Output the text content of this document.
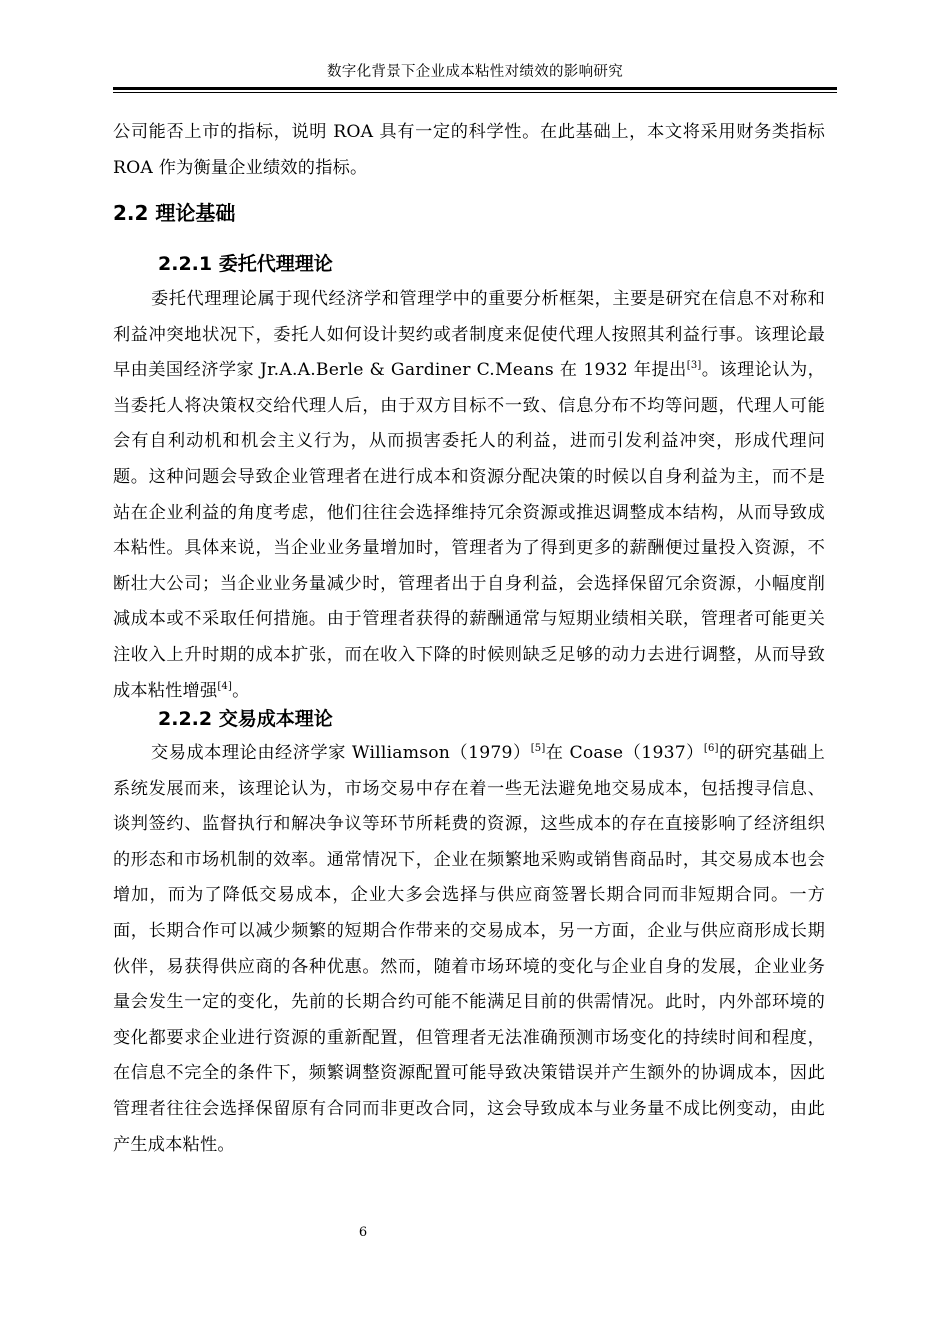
数字化背景下企业成本粘性对绩效的影响研究

公司能否上市的指标，说明 ROA 具有一定的科学性。在此基础上，本文将采用财务类指标 ROA 作为衡量企业绩效的指标。

2.2 理论基础
2.2.1 委托代理理论

委托代理理论属于现代经济学和管理学中的重要分析框架，主要是研究在信息不对称和利益冲突地状况下，委托人如何设计契约或者制度来促使代理人按照其利益行事。该理论最早由美国经济学家 Jr.A.A.Berle & Gardiner C.Means 在 1932 年提出[3]。该理论认为，当委托人将决策权交给代理人后，由于双方目标不一致、信息分布不均等问题，代理人可能会有自利动机和机会主义行为，从而损害委托人的利益，进而引发利益冲突，形成代理问题。这种问题会导致企业管理者在进行成本和资源分配决策的时候以自身利益为主，而不是站在企业利益的角度考虑，他们往往会选择维持冗余资源或推迟调整成本结构，从而导致成本粘性。具体来说，当企业业务量增加时，管理者为了得到更多的薪酬便过量投入资源，不断壮大公司；当企业业务量减少时，管理者出于自身利益，会选择保留冗余资源，小幅度削减成本或不采取任何措施。由于管理者获得的薪酬通常与短期业绩相关联，管理者可能更关注收入上升时期的成本扩张，而在收入下降的时候则缺乏足够的动力去进行调整，从而导致成本粘性增强[4]。

2.2.2 交易成本理论

交易成本理论由经济学家 Williamson（1979）[5]在 Coase（1937）[6]的研究基础上系统发展而来，该理论认为，市场交易中存在着一些无法避免地交易成本，包括搜寻信息、谈判签约、监督执行和解决争议等环节所耗费的资源，这些成本的存在直接影响了经济组织的形态和市场机制的效率。通常情况下，企业在频繁地采购或销售商品时，其交易成本也会增加，而为了降低交易成本，企业大多会选择与供应商签署长期合同而非短期合同。一方面，长期合作可以减少频繁的短期合作带来的交易成本，另一方面，企业与供应商形成长期伙伴，易获得供应商的各种优惠。然而，随着市场环境的变化与企业自身的发展，企业业务量会发生一定的变化，先前的长期合约可能不能满足目前的供需情况。此时，内外部环境的变化都要求企业进行资源的重新配置，但管理者无法准确预测市场变化的持续时间和程度，在信息不完全的条件下，频繁调整资源配置可能导致决策错误并产生额外的协调成本，因此管理者往往会选择保留原有合同而非更改合同，这会导致成本与业务量不成比例变动，由此产生成本粘性。

6
